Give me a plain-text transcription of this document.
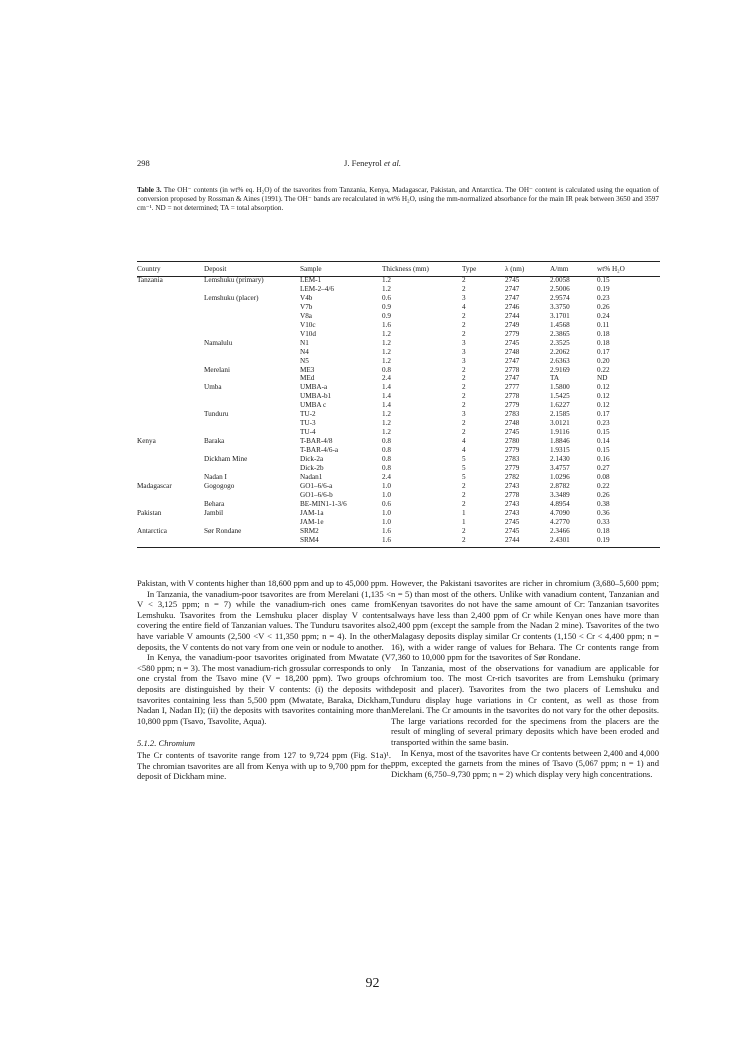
298	J. Feneyrol et al.
Table 3. The OH⁻ contents (in wt% eq. H₂O) of the tsavorites from Tanzania, Kenya, Madagascar, Pakistan, and Antarctica. The OH⁻ content is calculated using the equation of conversion proposed by Rossman & Aines (1991). The OH⁻ bands are recalculated in wt% H₂O, using the mm-normalized absorbance for the main IR peak between 3650 and 3597 cm⁻¹. ND = not determined; TA = total absorption.
Country	Deposit	Sample	Thickness (mm)	Type	λ (nm)	A/mm	wt% H₂O
Tanzania	Lemshuku (primary)	LEM-1	1.2	2	2745	2.0058	0.15
		LEM-2–4/6	1.2	2	2747	2.5006	0.19
	Lemshuku (placer)	V4b	0.6	3	2747	2.9574	0.23
		V7b	0.9	4	2746	3.3750	0.26
		V8a	0.9	2	2744	3.1701	0.24
		V10c	1.6	2	2749	1.4568	0.11
		V10d	1.2	2	2779	2.3865	0.18
	Namalulu	N1	1.2	3	2745	2.3525	0.18
		N4	1.2	3	2748	2.2062	0.17
		N5	1.2	3	2747	2.6363	0.20
	Merelani	ME3	0.8	2	2778	2.9169	0.22
		MEd	2.4	2	2747	TA	ND
	Umba	UMBA-a	1.4	2	2777	1.5800	0.12
		UMBA-b1	1.4	2	2778	1.5425	0.12
		UMBA c	1.4	2	2779	1.6227	0.12
	Tunduru	TU-2	1.2	3	2783	2.1585	0.17
		TU-3	1.2	2	2748	3.0121	0.23
		TU-4	1.2	2	2745	1.9116	0.15
Kenya	Baraka	T-BAR-4/8	0.8	4	2780	1.8846	0.14
		T-BAR-4/6-a	0.8	4	2779	1.9315	0.15
	Dickham Mine	Dick-2a	0.8	5	2783	2.1430	0.16
		Dick-2b	0.8	5	2779	3.4757	0.27
	Nadan I	Nadan1	2.4	5	2782	1.0296	0.08
Madagascar	Gogogogo	GO1–6/6-a	1.0	2	2743	2.8782	0.22
		GO1–6/6-b	1.0	2	2778	3.3489	0.26
	Behara	BE-MIN1-1-3/6	0.6	2	2743	4.8954	0.38
Pakistan	Jambil	JAM-1a	1.0	1	2743	4.7090	0.36
		JAM-1e	1.0	1	2745	4.2770	0.33
Antarctica	Sør Rondane	SRM2	1.6	2	2745	2.3466	0.18
		SRM4	1.6	2	2744	2.4301	0.19

Pakistan, with V contents higher than 18,600 ppm and up to 45,000 ppm.

In Tanzania, the vanadium-poor tsavorites are from Merelani (1,135 < V < 3,125 ppm; n = 7) while the vanadium-rich ones came from Lemshuku. Tsavorites from the Lemshuku placer display V contents covering the entire field of Tanzanian values. The Tunduru tsavorites also have variable V amounts (2,500 <V < 11,350 ppm; n = 4). In the other deposits, the V contents do not vary from one vein or nodule to another.

In Kenya, the vanadium-poor tsavorites originated from Mwatate (V <580 ppm; n = 3). The most vanadium-rich grossular corresponds to only one crystal from the Tsavo mine (V = 18,200 ppm). Two groups of deposits are distinguished by their V contents: (i) the deposits with tsavorites containing less than 5,500 ppm (Mwatate, Baraka, Dickham, Nadan I, Nadan II); (ii) the deposits with tsavorites containing more than 10,800 ppm (Tsavo, Tsavolite, Aqua).

5.1.2. Chromium

The Cr contents of tsavorite range from 127 to 9,724 ppm (Fig. S1a)¹. The chromian tsavorites are all from Kenya with up to 9,700 ppm for the deposit of Dickham mine.

However, the Pakistani tsavorites are richer in chromium (3,680–5,600 ppm; n = 5) than most of the others. Unlike with vanadium content, Tanzanian and Kenyan tsavorites do not have the same amount of Cr: Tanzanian tsavorites always have less than 2,400 ppm of Cr while Kenyan ones have more than 2,400 ppm (except the sample from the Nadan 2 mine). Tsavorites of the two Malagasy deposits display similar Cr contents (1,150 < Cr < 4,400 ppm; n = 16), with a wider range of values for Behara. The Cr contents range from 7,360 to 10,000 ppm for the tsavorites of Sør Rondane.

In Tanzania, most of the observations for vanadium are applicable for chromium too. The most Cr-rich tsavorites are from Lemshuku (primary deposit and placer). Tsavorites from the two placers of Lemshuku and Tunduru display huge variations in Cr content, as well as those from Merelani. The Cr amounts in the tsavorites do not vary for the other deposits. The large variations recorded for the specimens from the placers are the result of mingling of several primary deposits which have been eroded and transported within the same basin.

In Kenya, most of the tsavorites have Cr contents between 2,400 and 4,000 ppm, excepted the garnets from the mines of Tsavo (5,067 ppm; n = 1) and Dickham (6,750–9,730 ppm; n = 2) which display very high concentrations.

92
